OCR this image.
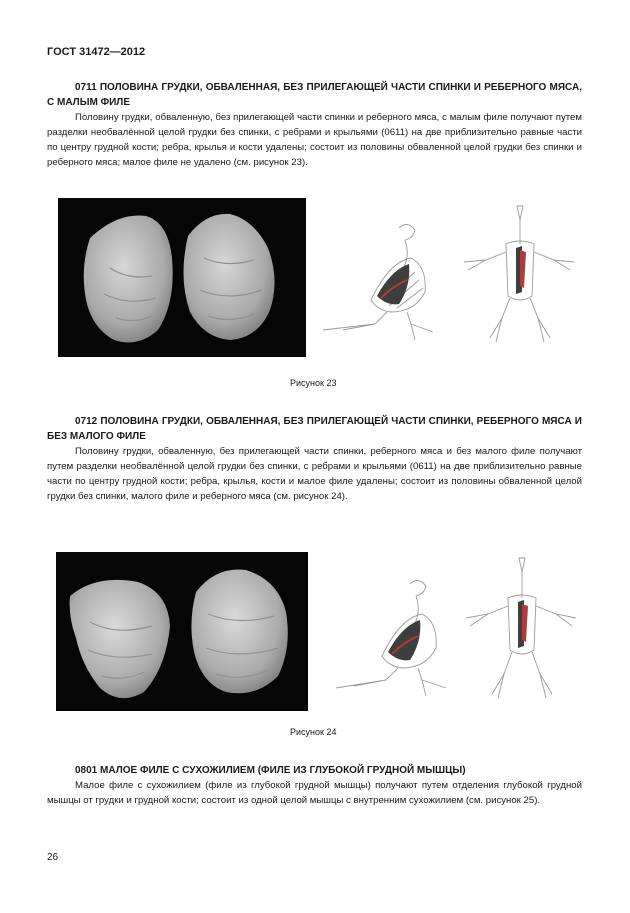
ГОСТ 31472—2012
0711 ПОЛОВИНА ГРУДКИ, ОБВАЛЕННАЯ, БЕЗ ПРИЛЕГАЮЩЕЙ ЧАСТИ СПИНКИ И РЕБЕРНОГО МЯСА, С МАЛЫМ ФИЛЕ
Половину грудки, обваленную, без прилегающей части спинки и реберного мяса, с малым филе получают путем разделки необвалённой целой грудки без спинки, с ребрами и крыльями (0611) на две приблизительно равные части по центру грудной кости; ребра, крылья и кости удалены; состоит из половины обваленной целой грудки без спинки и реберного мяса; малое филе не удалено (см. рисунок 23).
Рисунок 23
0712 ПОЛОВИНА ГРУДКИ, ОБВАЛЕННАЯ, БЕЗ ПРИЛЕГАЮЩЕЙ ЧАСТИ СПИНКИ, РЕБЕРНОГО МЯСА И БЕЗ МАЛОГО ФИЛЕ
Половину грудки, обваленную, без прилегающей части спинки, реберного мяса и без малого филе получают путем разделки необвалённой целой грудки без спинки, с ребрами и крыльями (0611) на две приблизительно равные части по центру грудной кости; ребра, крылья, кости и малое филе удалены; состоит из половины обваленной целой грудки без спинки, малого филе и реберного мяса (см. рисунок 24).
Рисунок 24
0801 МАЛОЕ ФИЛЕ С СУХОЖИЛИЕМ (ФИЛЕ ИЗ ГЛУБОКОЙ ГРУДНОЙ МЫШЦЫ)
Малое филе с сухожилием (филе из глубокой грудной мышцы) получают путем отделения глубокой грудной мышцы от грудки и грудной кости; состоит из одной целой мышцы с внутренним сухожилием (см. рисунок 25).
26
